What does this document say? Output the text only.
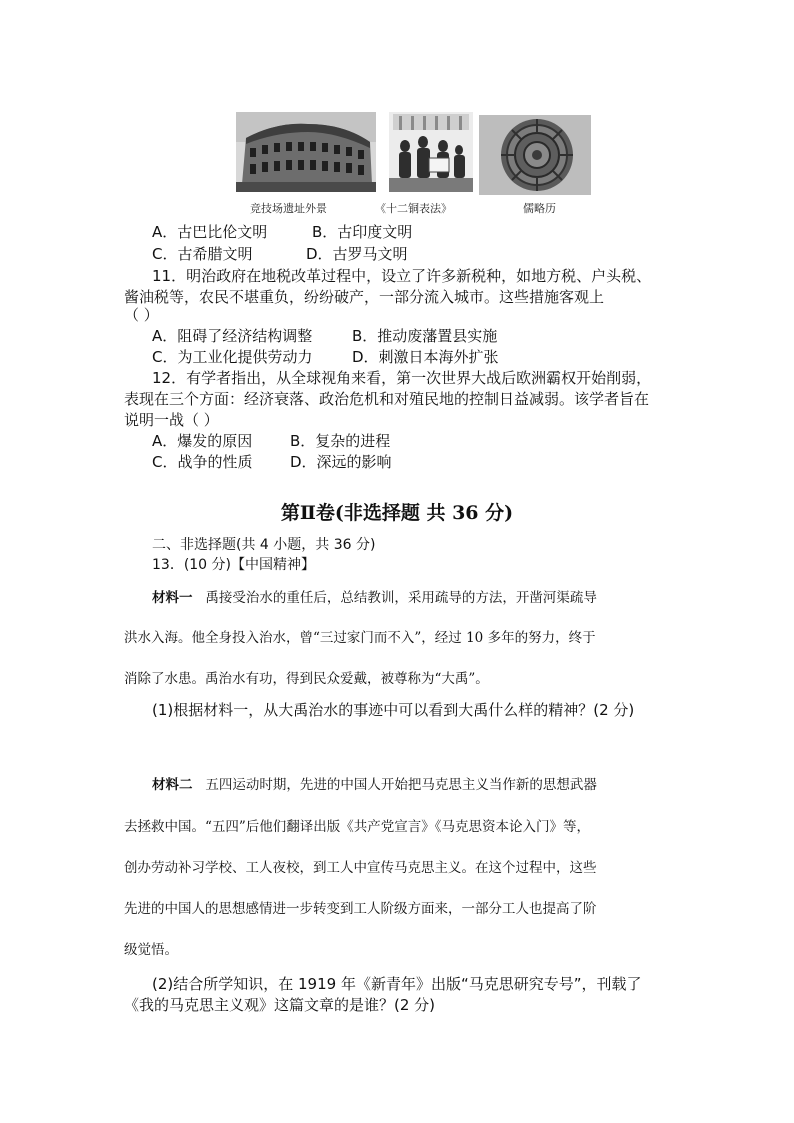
竞技场遗址外景	《十二铜表法》	儒略历
A．古巴比伦文明	B．古印度文明
C．古希腊文明	D．古罗马文明
11．明治政府在地税改革过程中，设立了许多新税种，如地方税、户头税、
酱油税等，农民不堪重负，纷纷破产，一部分流入城市。这些措施客观上
（ ）
A．阻碍了经济结构调整	B．推动废藩置县实施
C．为工业化提供劳动力	D．刺激日本海外扩张
12．有学者指出，从全球视角来看，第一次世界大战后欧洲霸权开始削弱，
表现在三个方面：经济衰落、政治危机和对殖民地的控制日益减弱。该学者旨在
说明一战（ ）
A．爆发的原因	B．复杂的进程
C．战争的性质	D．深远的影响
第Ⅱ卷(非选择题 共 36 分)
二、非选择题(共 4 小题，共 36 分)
13．(10 分)【中国精神】
材料一 禹接受治水的重任后，总结教训，采用疏导的方法，开凿河渠疏导
洪水入海。他全身投入治水，曾“三过家门而不入”，经过 10 多年的努力，终于
消除了水患。禹治水有功，得到民众爱戴，被尊称为“大禹”。
(1)根据材料一，从大禹治水的事迹中可以看到大禹什么样的精神？(2 分)
材料二 五四运动时期，先进的中国人开始把马克思主义当作新的思想武器
去拯救中国。“五四”后他们翻译出版《共产党宣言》《马克思资本论入门》等，
创办劳动补习学校、工人夜校，到工人中宣传马克思主义。在这个过程中，这些
先进的中国人的思想感情进一步转变到工人阶级方面来，一部分工人也提高了阶
级觉悟。
(2)结合所学知识，在 1919 年《新青年》出版“马克思研究专号”，刊载了
《我的马克思主义观》这篇文章的是谁？(2 分)
